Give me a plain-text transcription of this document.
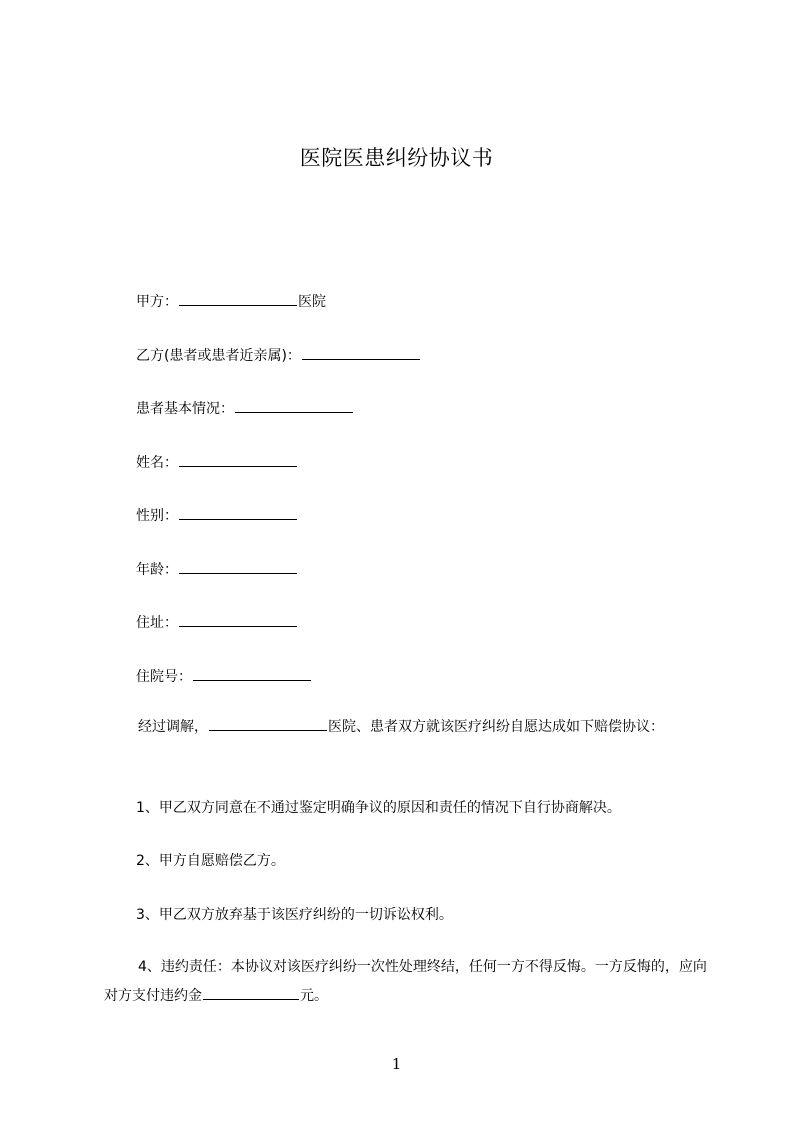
医院医患纠纷协议书
甲方：	医院
乙方(患者或患者近亲属)：
患者基本情况：
姓名：
性别：
年龄：
住址：
住院号：
经过调解，	医院、患者双方就该医疗纠纷自愿达成如下赔偿协议：
1、甲乙双方同意在不通过鉴定明确争议的原因和责任的情况下自行协商解决。
2、甲方自愿赔偿乙方。
3、甲乙双方放弃基于该医疗纠纷的一切诉讼权利。
4、违约责任：本协议对该医疗纠纷一次性处理终结，任何一方不得反悔。一方反悔的，应向对方支付违约金	元。
1
